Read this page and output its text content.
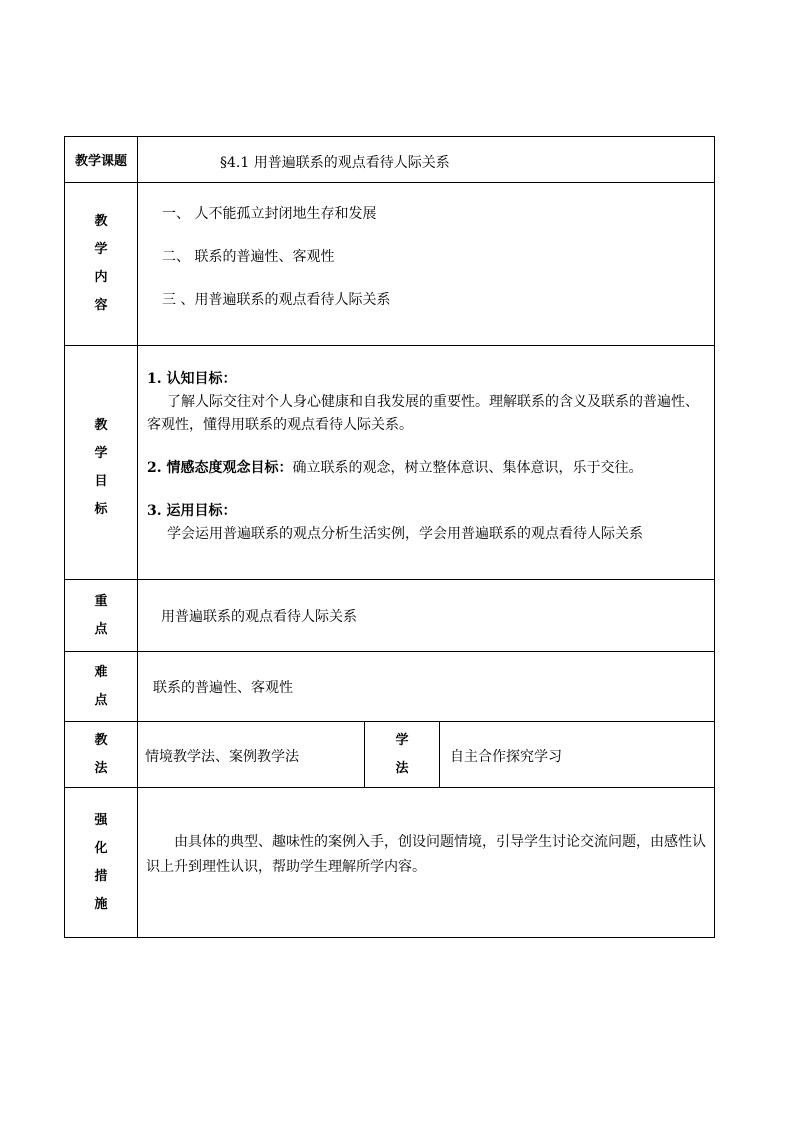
教学课题	§4.1 用普遍联系的观点看待人际关系
教
学
内
容
一、 人不能孤立封闭地生存和发展
二、 联系的普遍性、客观性
三 、用普遍联系的观点看待人际关系
教
学
目
标
1. 认知目标：
了解人际交往对个人身心健康和自我发展的重要性。理解联系的含义及联系的普遍性、客观性，懂得用联系的观点看待人际关系。
2. 情感态度观念目标：确立联系的观念，树立整体意识、集体意识，乐于交往。
3. 运用目标：
学会运用普遍联系的观点分析生活实例，学会用普遍联系的观点看待人际关系
重
点
用普遍联系的观点看待人际关系
难
点
联系的普遍性、客观性
教
法
情境教学法、案例教学法
学
法
自主合作探究学习
强
化
措
施
由具体的典型、趣味性的案例入手，创设问题情境，引导学生讨论交流问题，由感性认识上升到理性认识，帮助学生理解所学内容。
